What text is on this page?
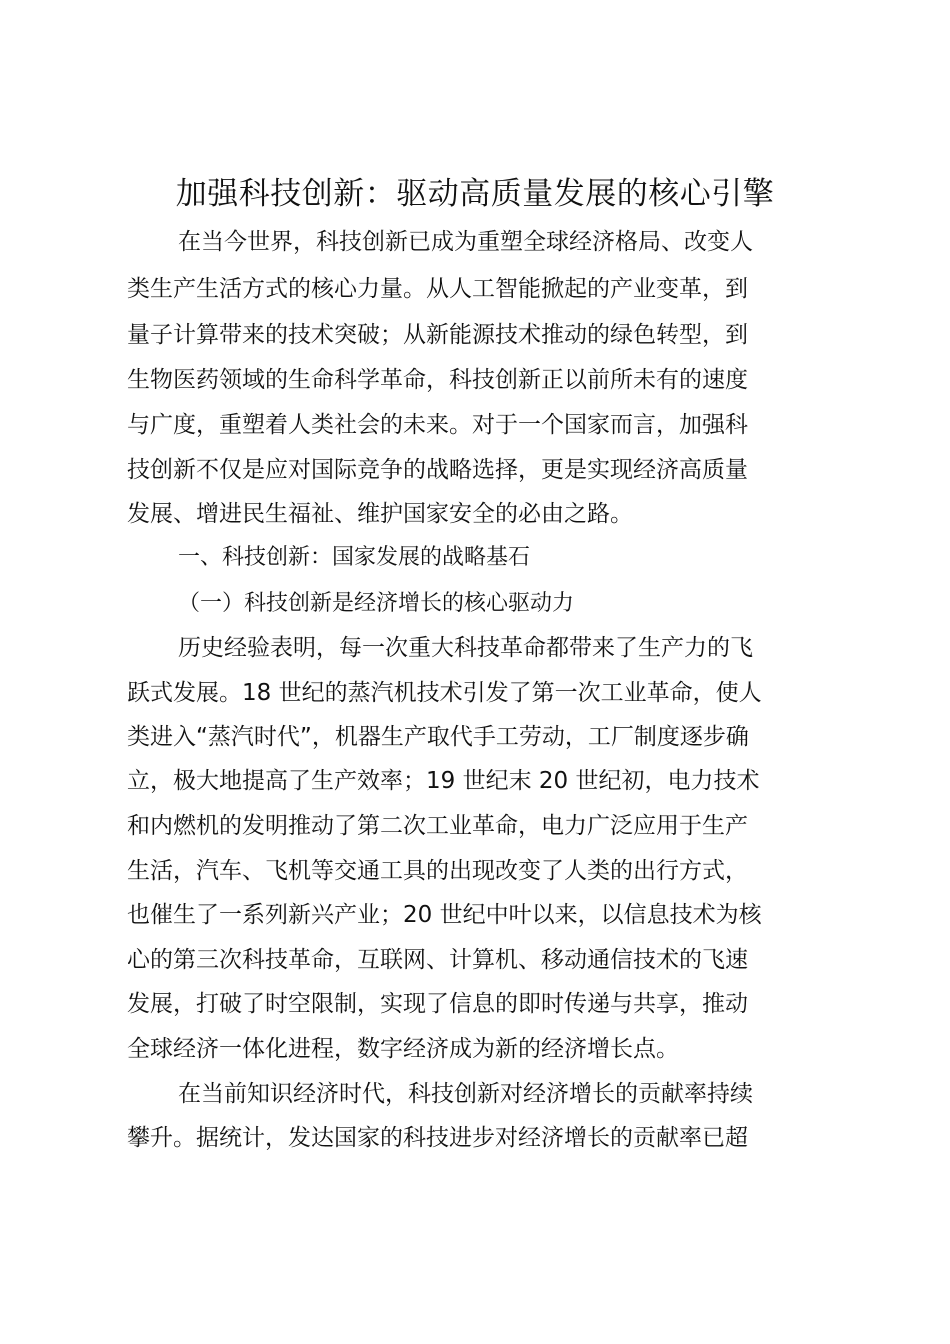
加强科技创新：驱动高质量发展的核心引擎
在当今世界，科技创新已成为重塑全球经济格局、改变人
类生产生活方式的核心力量。从人工智能掀起的产业变革，到
量子计算带来的技术突破；从新能源技术推动的绿色转型，到
生物医药领域的生命科学革命，科技创新正以前所未有的速度
与广度，重塑着人类社会的未来。对于一个国家而言，加强科
技创新不仅是应对国际竞争的战略选择，更是实现经济高质量
发展、增进民生福祉、维护国家安全的必由之路。
一、科技创新：国家发展的战略基石
（一）科技创新是经济增长的核心驱动力
历史经验表明，每一次重大科技革命都带来了生产力的飞
跃式发展。18 世纪的蒸汽机技术引发了第一次工业革命，使人
类进入“蒸汽时代”，机器生产取代手工劳动，工厂制度逐步确
立，极大地提高了生产效率；19 世纪末 20 世纪初，电力技术
和内燃机的发明推动了第二次工业革命，电力广泛应用于生产
生活，汽车、飞机等交通工具的出现改变了人类的出行方式，
也催生了一系列新兴产业；20 世纪中叶以来，以信息技术为核
心的第三次科技革命，互联网、计算机、移动通信技术的飞速
发展，打破了时空限制，实现了信息的即时传递与共享，推动
全球经济一体化进程，数字经济成为新的经济增长点。
在当前知识经济时代，科技创新对经济增长的贡献率持续
攀升。据统计，发达国家的科技进步对经济增长的贡献率已超
